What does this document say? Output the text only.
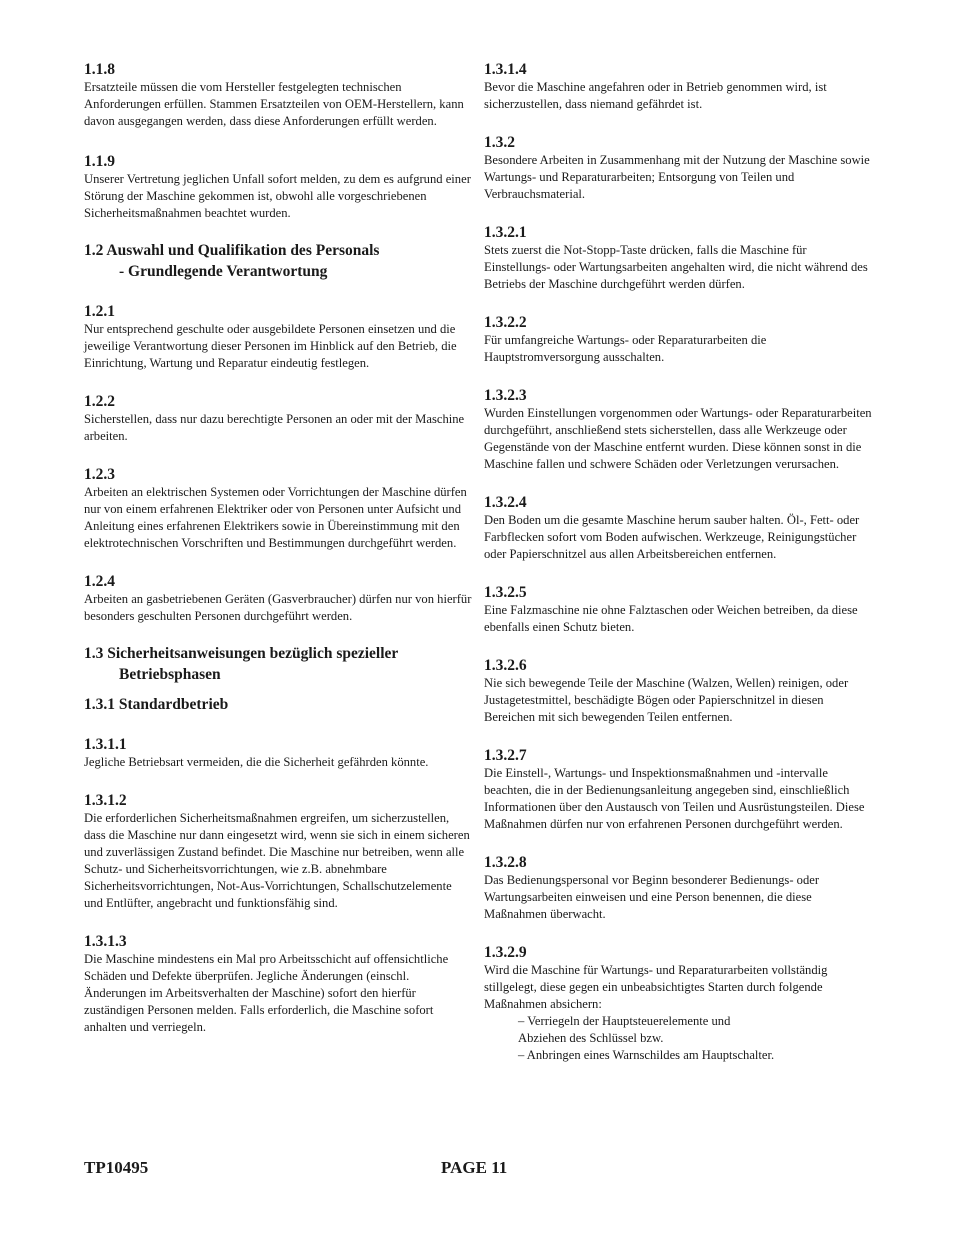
1.1.8

Ersatzteile müssen die vom Hersteller festgelegten technischen Anforderungen erfüllen. Stammen Ersatzteilen von OEM-Herstellern, kann davon ausgegangen werden, dass diese Anforderungen erfüllt werden.

1.1.9

Unserer Vertretung jeglichen Unfall sofort melden, zu dem es aufgrund einer Störung der Maschine gekommen ist, obwohl alle vorgeschriebenen Sicherheitsmaßnahmen beachtet wurden.

1.2 Auswahl und Qualifikation des Personals
- Grundlegende Verantwortung

1.2.1

Nur entsprechend geschulte oder ausgebildete Personen einsetzen und die jeweilige Verantwortung dieser Personen im Hinblick auf den Betrieb, die Einrichtung, Wartung und Reparatur eindeutig festlegen.

1.2.2

Sicherstellen, dass nur dazu berechtigte Personen an oder mit der Maschine arbeiten.

1.2.3

Arbeiten an elektrischen Systemen oder Vorrichtungen der Maschine dürfen nur von einem erfahrenen Elektriker oder von Personen unter Aufsicht und Anleitung eines erfahrenen Elektrikers sowie in Übereinstimmung mit den elektrotechnischen Vorschriften und Bestimmungen durchgeführt werden.

1.2.4

Arbeiten an gasbetriebenen Geräten (Gasverbraucher) dürfen nur von hierfür besonders geschulten Personen durchgeführt werden.

1.3 Sicherheitsanweisungen bezüglich spezieller
Betriebsphasen
1.3.1 Standardbetrieb

1.3.1.1

Jegliche Betriebsart vermeiden, die die Sicherheit gefährden könnte.

1.3.1.2

Die erforderlichen Sicherheitsmaßnahmen ergreifen, um sicherzustellen, dass die Maschine nur dann eingesetzt wird, wenn sie sich in einem sicheren und zuverlässigen Zustand befindet. Die Maschine nur betreiben, wenn alle Schutz- und Sicherheitsvorrichtungen, wie z.B. abnehmbare Sicherheitsvorrichtungen, Not-Aus-Vorrichtungen, Schallschutzelemente und Entlüfter, angebracht und funktionsfähig sind.

1.3.1.3

Die Maschine mindestens ein Mal pro Arbeitsschicht auf offensichtliche Schäden und Defekte überprüfen. Jegliche Änderungen (einschl. Änderungen im Arbeitsverhalten der Maschine) sofort den hierfür zuständigen Personen melden. Falls erforderlich, die Maschine sofort anhalten und verriegeln.

1.3.1.4

Bevor die Maschine angefahren oder in Betrieb genommen wird, ist sicherzustellen, dass niemand gefährdet ist.

1.3.2

Besondere Arbeiten in Zusammenhang mit der Nutzung der Maschine sowie Wartungs- und Reparaturarbeiten; Entsorgung von Teilen und Verbrauchsmaterial.

1.3.2.1

Stets zuerst die Not-Stopp-Taste drücken, falls die Maschine für Einstellungs- oder Wartungsarbeiten angehalten wird, die nicht während des Betriebs der Maschine durchgeführt werden dürfen.

1.3.2.2

Für umfangreiche Wartungs- oder Reparaturarbeiten die Hauptstromversorgung ausschalten.

1.3.2.3

Wurden Einstellungen vorgenommen oder Wartungs- oder Reparaturarbeiten durchgeführt, anschließend stets sicherstellen, dass alle Werkzeuge oder Gegenstände von der Maschine entfernt wurden. Diese können sonst in die Maschine fallen und schwere Schäden oder Verletzungen verursachen.

1.3.2.4

Den Boden um die gesamte Maschine herum sauber halten. Öl-, Fett- oder Farbflecken sofort vom Boden aufwischen. Werkzeuge, Reinigungstücher oder Papierschnitzel aus allen Arbeitsbereichen entfernen.

1.3.2.5

Eine Falzmaschine nie ohne Falztaschen oder Weichen betreiben, da diese ebenfalls einen Schutz bieten.

1.3.2.6

Nie sich bewegende Teile der Maschine (Walzen, Wellen) reinigen, oder Justagetestmittel, beschädigte Bögen oder Papierschnitzel in diesen Bereichen mit sich bewegenden Teilen entfernen.

1.3.2.7

Die Einstell-, Wartungs- und Inspektionsmaßnahmen und -intervalle beachten, die in der Bedienungsanleitung angegeben sind, einschließlich Informationen über den Austausch von Teilen und Ausrüstungsteilen. Diese Maßnahmen dürfen nur von erfahrenen Personen durchgeführt werden.

1.3.2.8

Das Bedienungspersonal vor Beginn besonderer Bedienungs- oder Wartungsarbeiten einweisen und eine Person benennen, die diese Maßnahmen überwacht.

1.3.2.9

Wird die Maschine für Wartungs- und Reparaturarbeiten vollständig stillgelegt, diese gegen ein unbeabsichtigtes Starten durch folgende Maßnahmen absichern:

– Verriegeln der Hauptsteuerelemente und
Abziehen des Schlüssel bzw.
– Anbringen eines Warnschildes am Hauptschalter.
TP10495	PAGE 11
